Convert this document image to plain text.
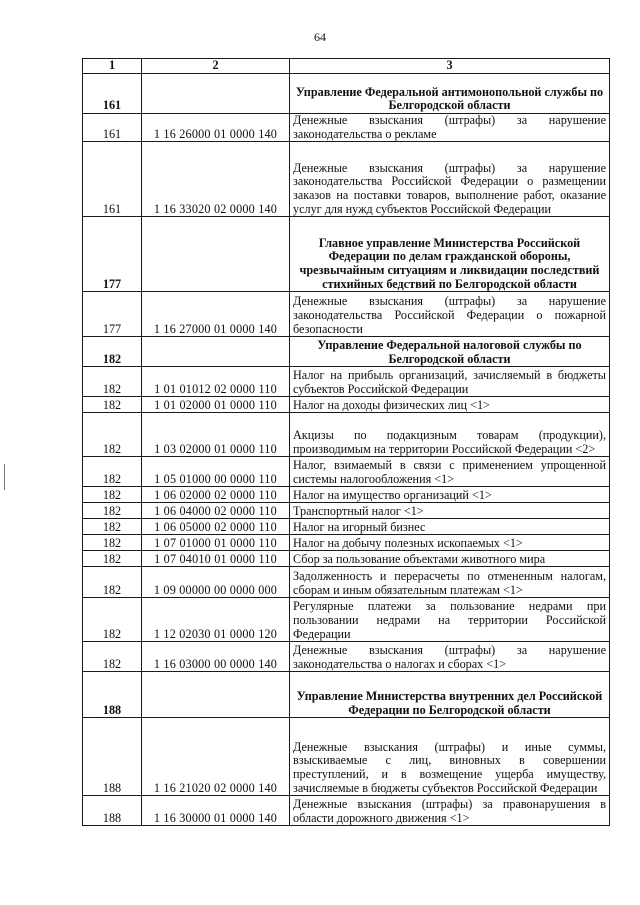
64
1	2	3
161		Управление Федеральной антимонопольной службы по Белгородской области
161	1 16 26000 01 0000 140	Денежные взыскания (штрафы) за нарушение законодательства о рекламе
161	1 16 33020 02 0000 140	Денежные взыскания (штрафы) за нарушение законодательства Российской Федерации о размещении заказов на поставки товаров, выполнение работ, оказание услуг для нужд субъектов Российской Федерации
177		Главное управление Министерства Российской Федерации по делам гражданской обороны, чрезвычайным ситуациям и ликвидации последствий стихийных бедствий по Белгородской области
177	1 16 27000 01 0000 140	Денежные взыскания (штрафы) за нарушение законодательства Российской Федерации о пожарной безопасности
182		Управление Федеральной налоговой службы по Белгородской области
182	1 01 01012 02 0000 110	Налог на прибыль организаций, зачисляемый в бюджеты субъектов Российской Федерации
182	1 01 02000 01 0000 110	Налог на доходы физических лиц <1>
182	1 03 02000 01 0000 110	Акцизы по подакцизным товарам (продукции), производимым на территории Российской Федерации <2>
182	1 05 01000 00 0000 110	Налог, взимаемый в связи с применением упрощенной системы налогообложения <1>
182	1 06 02000 02 0000 110	Налог на имущество организаций <1>
182	1 06 04000 02 0000 110	Транспортный налог <1>
182	1 06 05000 02 0000 110	Налог на игорный бизнес
182	1 07 01000 01 0000 110	Налог на добычу полезных ископаемых <1>
182	1 07 04010 01 0000 110	Сбор за пользование объектами животного мира
182	1 09 00000 00 0000 000	Задолженность и перерасчеты по отмененным налогам, сборам и иным обязательным платежам <1>
182	1 12 02030 01 0000 120	Регулярные платежи за пользование недрами при пользовании недрами на территории Российской Федерации
182	1 16 03000 00 0000 140	Денежные взыскания (штрафы) за нарушение законодательства о налогах и сборах <1>
188		Управление Министерства внутренних дел Российской Федерации по Белгородской области
188	1 16 21020 02 0000 140	Денежные взыскания (штрафы) и иные суммы, взыскиваемые с лиц, виновных в совершении преступлений, и в возмещение ущерба имуществу, зачисляемые в бюджеты субъектов Российской Федерации
188	1 16 30000 01 0000 140	Денежные взыскания (штрафы) за правонарушения в области дорожного движения <1>
